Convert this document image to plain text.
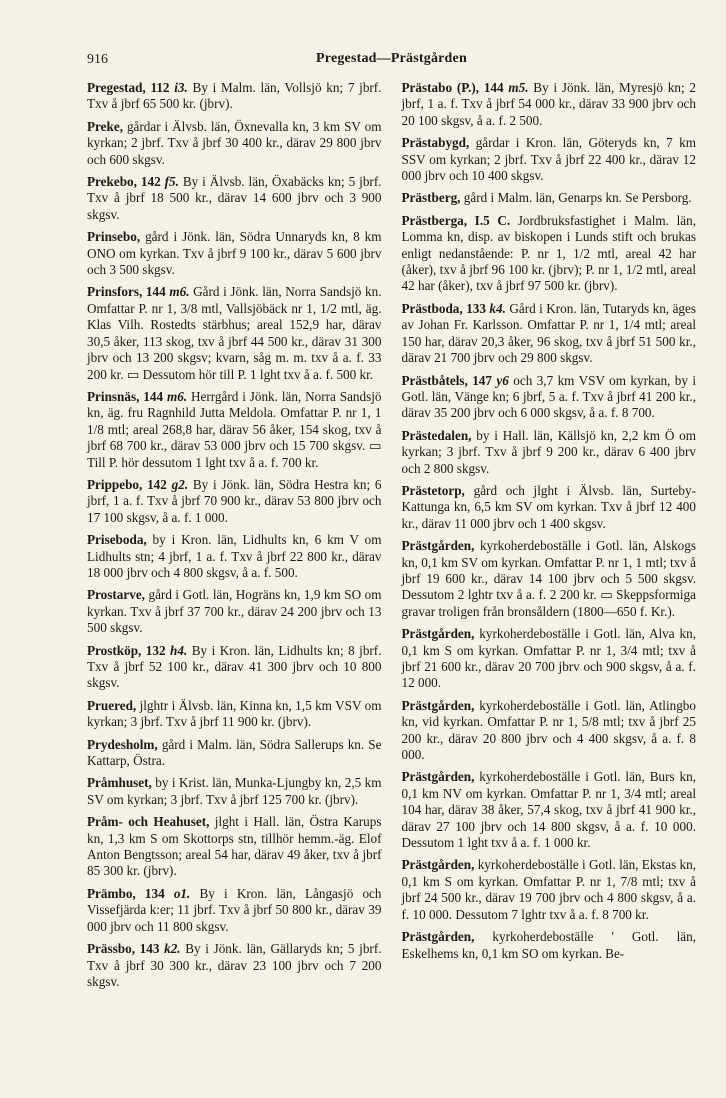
916	Pregestad—Prästgården

Pregestad, 112 i3. By i Malm. län, Vollsjö kn; 7 jbrf. Txv å jbrf 65 500 kr. (jbrv).

Preke, gårdar i Älvsb. län, Öxnevalla kn, 3 km SV om kyrkan; 2 jbrf. Txv å jbrf 30 400 kr., därav 29 800 jbrv och 600 skgsv.

Prekebo, 142 f5. By i Älvsb. län, Öxabäcks kn; 5 jbrf. Txv å jbrf 18 500 kr., därav 14 600 jbrv och 3 900 skgsv.

Prinsebo, gård i Jönk. län, Södra Unnaryds kn, 8 km ONO om kyrkan. Txv å jbrf 9 100 kr., därav 5 600 jbrv och 3 500 skgsv.

Prinsfors, 144 m6. Gård i Jönk. län, Norra Sandsjö kn. Omfattar P. nr 1, 3/8 mtl, Vallsjöbäck nr 1, 1/2 mtl, äg. Klas Vilh. Rostedts stärbhus; areal 152,9 har, därav 30,5 åker, 113 skog, txv å jbrf 44 500 kr., därav 31 300 jbrv och 13 200 skgsv; kvarn, såg m. m. txv å a. f. 33 200 kr. ▭ Dessutom hör till P. 1 lght txv å a. f. 500 kr.

Prinsnäs, 144 m6. Herrgård i Jönk. län, Norra Sandsjö kn, äg. fru Ragnhild Jutta Meldola. Omfattar P. nr 1, 1 1/8 mtl; areal 268,8 har, därav 56 åker, 154 skog, txv å jbrf 68 700 kr., därav 53 000 jbrv och 15 700 skgsv. ▭ Till P. hör dessutom 1 lght txv å a. f. 700 kr.

Prippebo, 142 g2. By i Jönk. län, Södra Hestra kn; 6 jbrf, 1 a. f. Txv å jbrf 70 900 kr., därav 53 800 jbrv och 17 100 skgsv, å a. f. 1 000.

Priseboda, by i Kron. län, Lidhults kn, 6 km V om Lidhults stn; 4 jbrf, 1 a. f. Txv å jbrf 22 800 kr., därav 18 000 jbrv och 4 800 skgsv, å a. f. 500.

Prostarve, gård i Gotl. län, Hogräns kn, 1,9 km SO om kyrkan. Txv å jbrf 37 700 kr., därav 24 200 jbrv och 13 500 skgsv.

Prostköp, 132 h4. By i Kron. län, Lidhults kn; 8 jbrf. Txv å jbrf 52 100 kr., därav 41 300 jbrv och 10 800 skgsv.

Pruered, jlghtr i Älvsb. län, Kinna kn, 1,5 km VSV om kyrkan; 3 jbrf. Txv å jbrf 11 900 kr. (jbrv).

Prydesholm, gård i Malm. län, Södra Sallerups kn. Se Kattarp, Östra.

Pråmhuset, by i Krist. län, Munka-Ljungby kn, 2,5 km SV om kyrkan; 3 jbrf. Txv å jbrf 125 700 kr. (jbrv).

Pråm- och Heahuset, jlght i Hall. län, Östra Karups kn, 1,3 km S om Skottorps stn, tillhör hemm.-äg. Elof Anton Bengtsson; areal 54 har, därav 49 åker, txv å jbrf 85 300 kr. (jbrv).

Prämbo, 134 o1. By i Kron. län, Långasjö och Vissefjärda k:er; 11 jbrf. Txv å jbrf 50 800 kr., därav 39 000 jbrv och 11 800 skgsv.

Prässbo, 143 k2. By i Jönk. län, Gällaryds kn; 5 jbrf. Txv å jbrf 30 300 kr., därav 23 100 jbrv och 7 200 skgsv.

Prästabo (P.), 144 m5. By i Jönk. län, Myresjö kn; 2 jbrf, 1 a. f. Txv å jbrf 54 000 kr., därav 33 900 jbrv och 20 100 skgsv, å a. f. 2 500.

Prästabygd, gårdar i Kron. län, Göteryds kn, 7 km SSV om kyrkan; 2 jbrf. Txv å jbrf 22 400 kr., därav 12 000 jbrv och 10 400 skgsv.

Prästberg, gård i Malm. län, Genarps kn. Se Persborg.

Prästberga, I.5 C. Jordbruksfastighet i Malm. län, Lomma kn, disp. av biskopen i Lunds stift och brukas enligt nedanstående: P. nr 1, 1/2 mtl, areal 42 har (åker), txv å jbrf 96 100 kr. (jbrv); P. nr 1, 1/2 mtl, areal 42 har (åker), txv å jbrf 97 500 kr. (jbrv).

Prästboda, 133 k4. Gård i Kron. län, Tutaryds kn, äges av Johan Fr. Karlsson. Omfattar P. nr 1, 1/4 mtl; areal 150 har, därav 20,3 åker, 96 skog, txv å jbrf 51 500 kr., därav 21 700 jbrv och 29 800 skgsv.

Prästbåtels, 147 y6 och 3,7 km VSV om kyrkan, by i Gotl. län, Vänge kn; 6 jbrf, 5 a. f. Txv å jbrf 41 200 kr., därav 35 200 jbrv och 6 000 skgsv, å a. f. 8 700.

Prästedalen, by i Hall. län, Källsjö kn, 2,2 km Ö om kyrkan; 3 jbrf. Txv å jbrf 9 200 kr., därav 6 400 jbrv och 2 800 skgsv.

Prästetorp, gård och jlght i Älvsb. län, Surteby-Kattunga kn, 6,5 km SV om kyrkan. Txv å jbrf 12 400 kr., därav 11 000 jbrv och 1 400 skgsv.

Prästgården, kyrkoherdeboställe i Gotl. län, Alskogs kn, 0,1 km SV om kyrkan. Omfattar P. nr 1, 1 mtl; txv å jbrf 19 600 kr., därav 14 100 jbrv och 5 500 skgsv. Dessutom 2 lghtr txv å a. f. 2 200 kr. ▭ Skeppsformiga gravar troligen från bronsåldern (1800—650 f. Kr.).

Prästgården, kyrkoherdeboställe i Gotl. län, Alva kn, 0,1 km S om kyrkan. Omfattar P. nr 1, 3/4 mtl; txv å jbrf 21 600 kr., därav 20 700 jbrv och 900 skgsv, å a. f. 12 000.

Prästgården, kyrkoherdeboställe i Gotl. län, Atlingbo kn, vid kyrkan. Omfattar P. nr 1, 5/8 mtl; txv å jbrf 25 200 kr., därav 20 800 jbrv och 4 400 skgsv, å a. f. 8 000.

Prästgården, kyrkoherdeboställe i Gotl. län, Burs kn, 0,1 km NV om kyrkan. Omfattar P. nr 1, 3/4 mtl; areal 104 har, därav 38 åker, 57,4 skog, txv å jbrf 41 900 kr., därav 27 100 jbrv och 14 800 skgsv, å a. f. 10 000. Dessutom 1 lght txv å a. f. 1 000 kr.

Prästgården, kyrkoherdeboställe i Gotl. län, Ekstas kn, 0,1 km S om kyrkan. Omfattar P. nr 1, 7/8 mtl; txv å jbrf 24 500 kr., därav 19 700 jbrv och 4 800 skgsv, å a. f. 10 000. Dessutom 7 lghtr txv å a. f. 8 700 kr.

Prästgården, kyrkoherdeboställe ' Gotl. län, Eskelhems kn, 0,1 km SO om kyrkan. Be-
